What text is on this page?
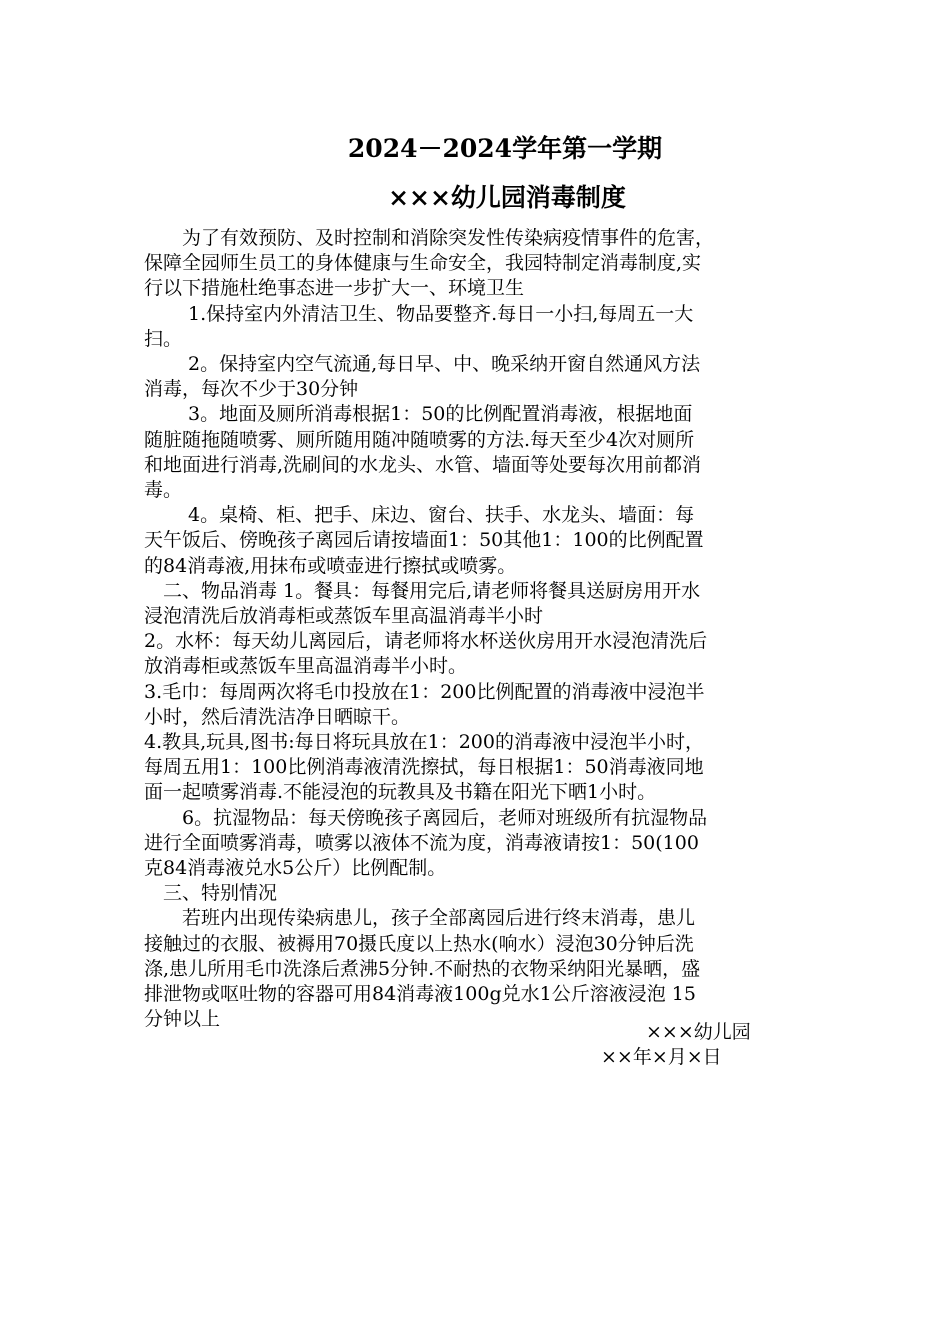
2024－2024学年第一学期
×××幼儿园消毒制度
　　为了有效预防、及时控制和消除突发性传染病疫情事件的危害，
保障全园师生员工的身体健康与生命安全，我园特制定消毒制度,实
行以下措施杜绝事态进一步扩大一、环境卫生
　　 1.保持室内外清洁卫生、物品要整齐.每日一小扫,每周五一大
扫。
　　 2。保持室内空气流通,每日早、中、晚采纳开窗自然通风方法
消毒，每次不少于30分钟
　　 3。地面及厕所消毒根据1：50的比例配置消毒液，根据地面
随脏随拖随喷雾、厕所随用随冲随喷雾的方法.每天至少4次对厕所
和地面进行消毒,洗刷间的水龙头、水管、墙面等处要每次用前都消
毒。
　　 4。桌椅、柜、把手、床边、窗台、扶手、水龙头、墙面：每
天午饭后、傍晚孩子离园后请按墙面1：50其他1：100的比例配置
的84消毒液,用抹布或喷壶进行擦拭或喷雾。
　二、物品消毒 1。餐具：每餐用完后,请老师将餐具送厨房用开水
浸泡清洗后放消毒柜或蒸饭车里高温消毒半小时
2。水杯：每天幼儿离园后，请老师将水杯送伙房用开水浸泡清洗后
放消毒柜或蒸饭车里高温消毒半小时。
3.毛巾：每周两次将毛巾投放在1：200比例配置的消毒液中浸泡半
小时，然后清洗洁净日晒晾干。
4.教具,玩具,图书:每日将玩具放在1：200的消毒液中浸泡半小时，
每周五用1：100比例消毒液清洗擦拭，每日根据1：50消毒液同地
面一起喷雾消毒.不能浸泡的玩教具及书籍在阳光下晒1小时。
　　6。抗湿物品：每天傍晚孩子离园后，老师对班级所有抗湿物品
进行全面喷雾消毒，喷雾以液体不流为度，消毒液请按1：50(100
克84消毒液兑水5公斤）比例配制。
　三、特别情况
　　若班内出现传染病患儿，孩子全部离园后进行终末消毒，患儿
接触过的衣服、被褥用70摄氏度以上热水(响水）浸泡30分钟后洗
涤,患儿所用毛巾洗涤后煮沸5分钟.不耐热的衣物采纳阳光暴晒，盛
排泄物或呕吐物的容器可用84消毒液100g兑水1公斤溶液浸泡 15
分钟以上
×××幼儿园
××年×月×日
